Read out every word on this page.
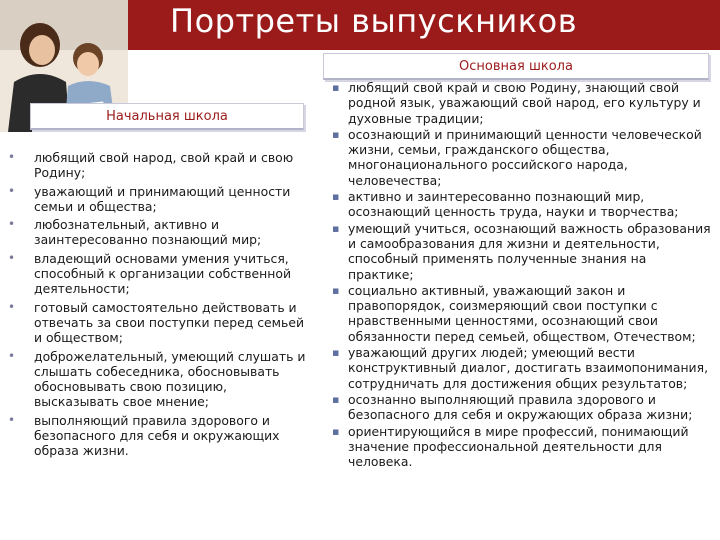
Портреты выпускников
Основная школа
Начальная школа
• любящий свой народ, свой край и свою Родину;
• уважающий и принимающий ценности семьи и общества;
• любознательный, активно и заинтересованно познающий мир;
• владеющий основами умения учиться, способный к организации собственной деятельности;
• готовый самостоятельно действовать и отвечать за свои поступки перед семьей и обществом;
• доброжелательный, умеющий слушать и слышать собеседника, обосновывать обосновывать свою позицию, высказывать свое мнение;
• выполняющий правила здорового и безопасного для себя и окружающих образа жизни.
▪ любящий свой край и свою Родину, знающий свой родной язык, уважающий свой народ, его культуру и духовные традиции;
▪ осознающий и принимающий ценности человеческой жизни, семьи, гражданского общества, многонационального российского народа, человечества;
▪ активно и заинтересованно познающий мир, осознающий ценность труда, науки и творчества;
▪ умеющий учиться, осознающий важность образования и самообразования для жизни и деятельности, способный применять полученные знания на практике;
▪ социально активный, уважающий закон и правопорядок, соизмеряющий свои поступки с нравственными ценностями, осознающий свои обязанности перед семьей, обществом, Отечеством;
▪ уважающий других людей; умеющий вести конструктивный диалог, достигать взаимопонимания, сотрудничать для достижения общих результатов;
▪ осознанно выполняющий правила здорового и безопасного для себя и окружающих образа жизни;
▪ ориентирующийся в мире профессий, понимающий значение профессиональной деятельности для человека.
